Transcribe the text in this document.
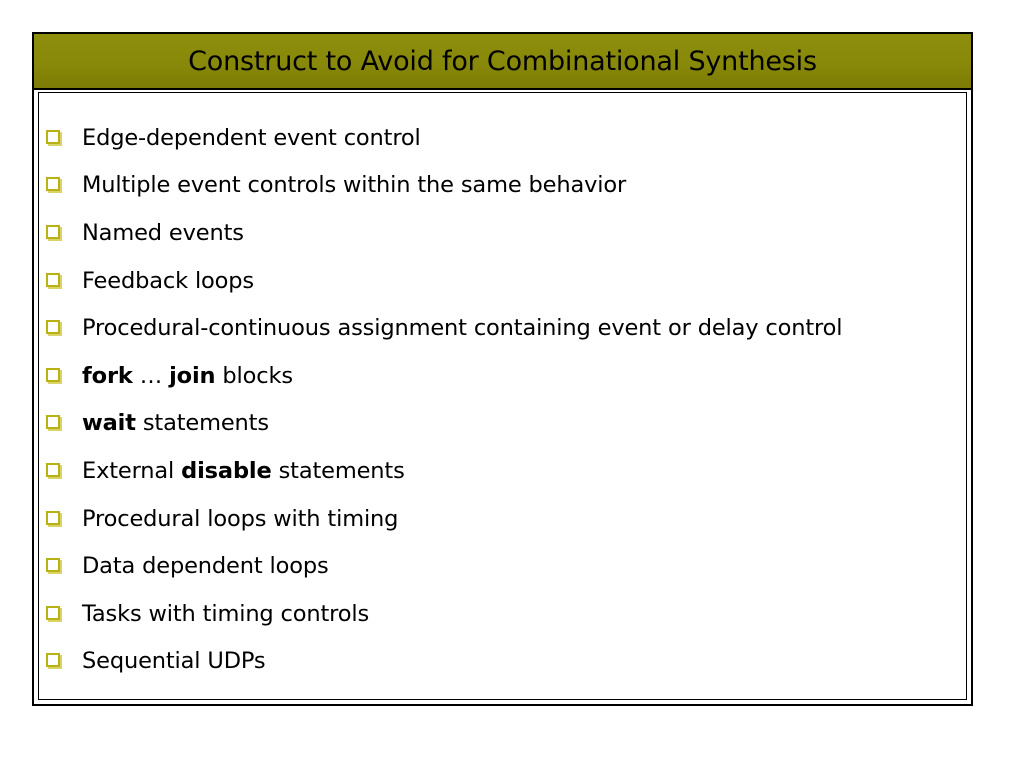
Construct to Avoid for Combinational Synthesis
Edge-dependent event control
Multiple event controls within the same behavior
Named events
Feedback loops
Procedural-continuous assignment containing event or delay control
fork … join blocks
wait statements
External disable statements
Procedural loops with timing
Data dependent loops
Tasks with timing controls
Sequential UDPs
